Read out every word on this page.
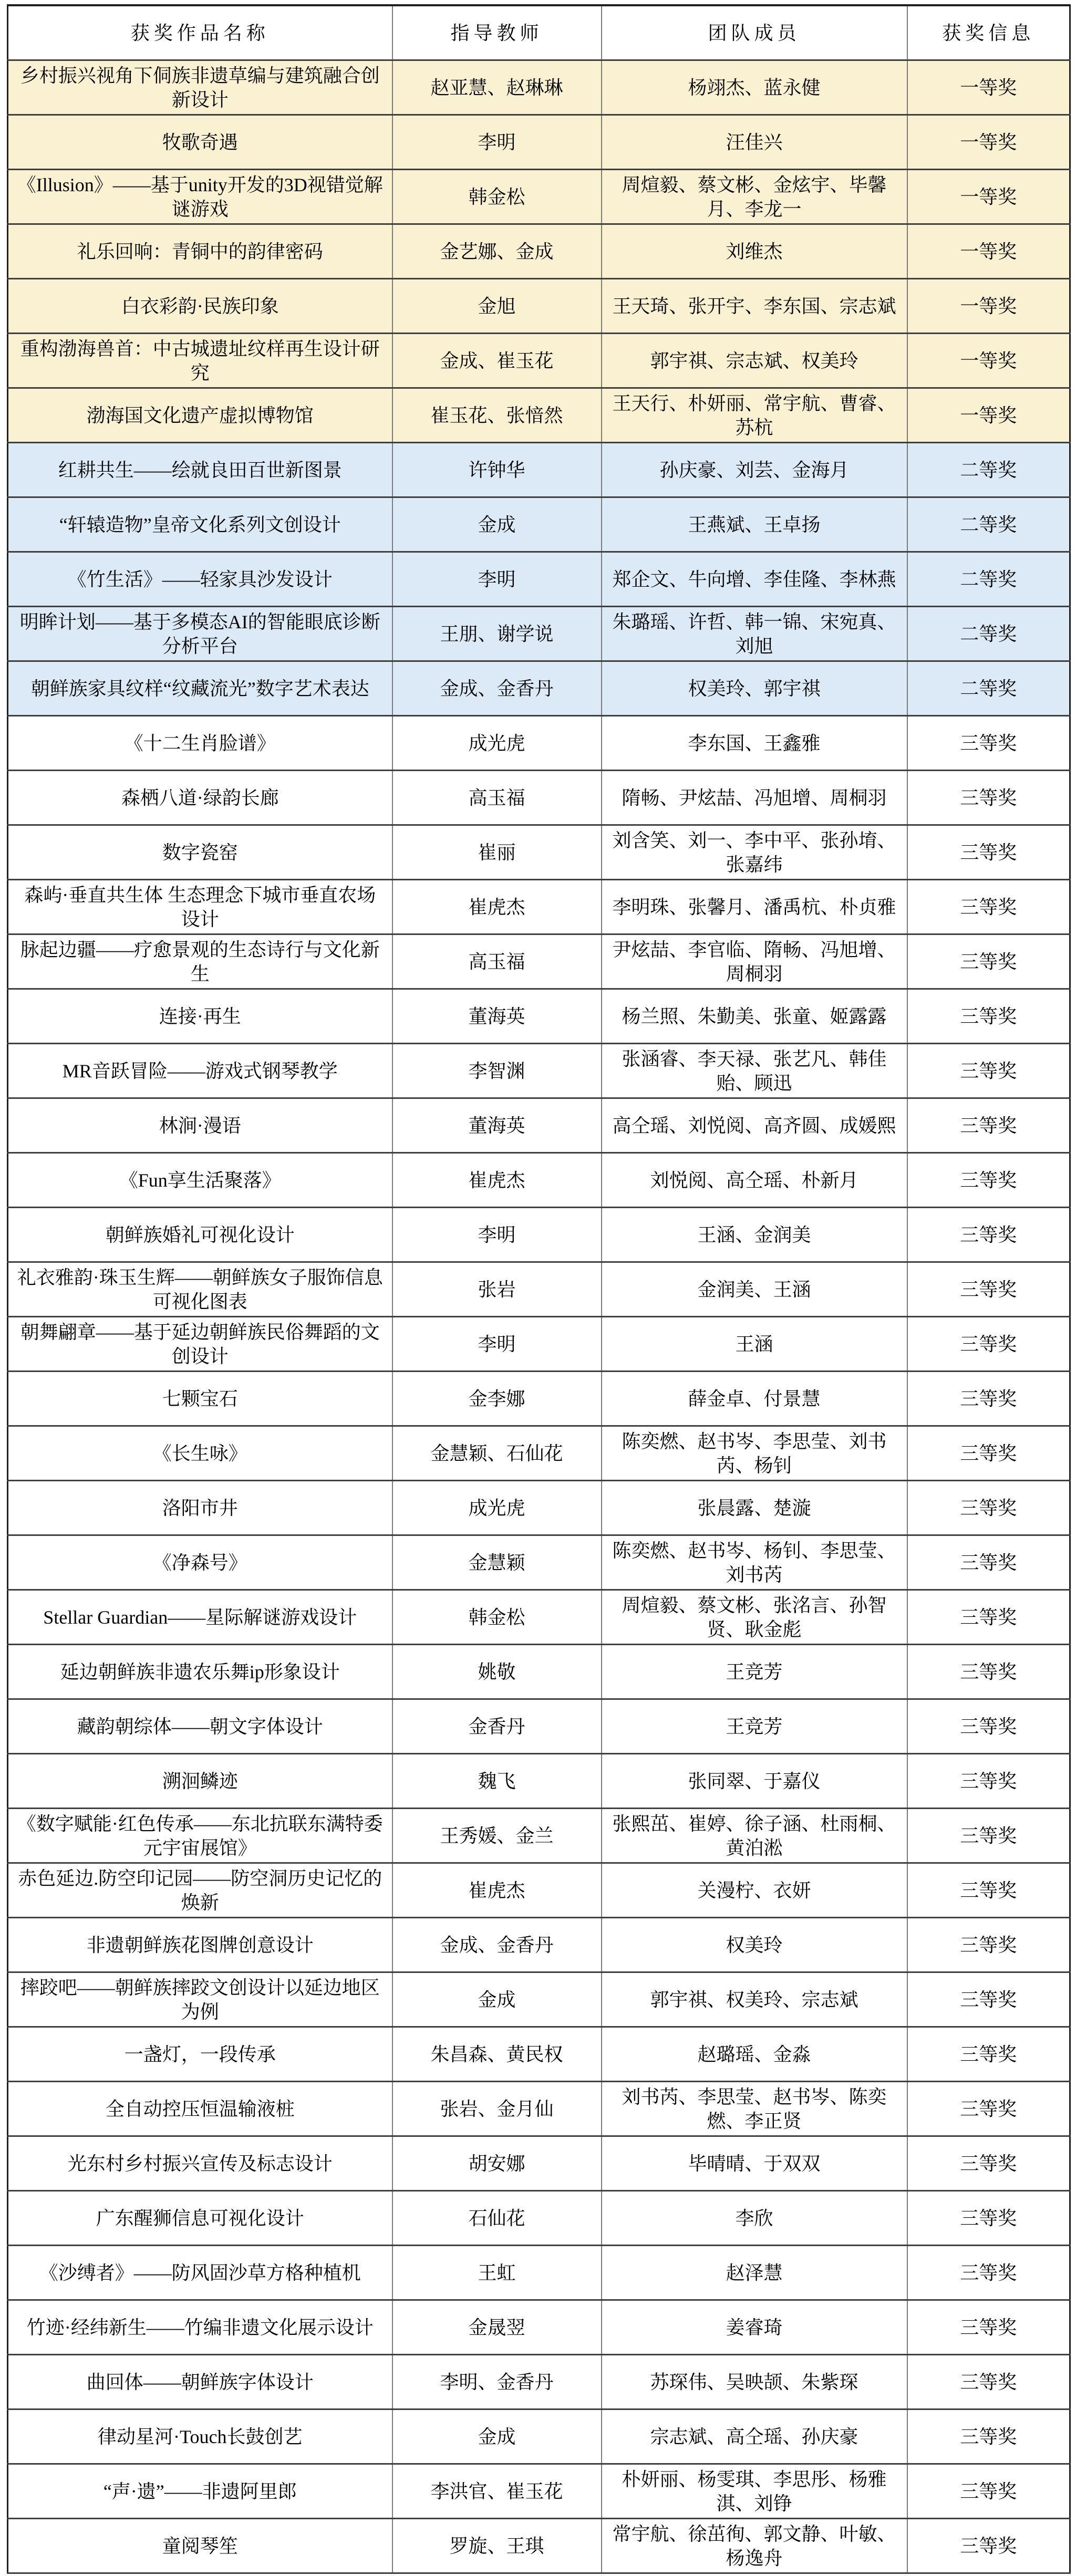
获奖作品名称	指导教师	团队成员	获奖信息
乡村振兴视角下侗族非遗草编与建筑融合创新设计	赵亚慧、赵琳琳	杨翊杰、蓝永健	一等奖
牧歌奇遇	李明	汪佳兴	一等奖
《Illusion》——基于unity开发的3D视错觉解谜游戏	韩金松	周煊毅、蔡文彬、金炫宇、毕馨月、李龙一	一等奖
礼乐回响：青铜中的韵律密码	金艺娜、金成	刘维杰	一等奖
白衣彩韵·民族印象	金旭	王天琦、张开宇、李东国、宗志斌	一等奖
重构渤海兽首：中古城遗址纹样再生设计研究	金成、崔玉花	郭宇祺、宗志斌、权美玲	一等奖
渤海国文化遗产虚拟博物馆	崔玉花、张愔然	王天行、朴妍丽、常宇航、曹睿、苏杭	一等奖
红耕共生——绘就良田百世新图景	许钟华	孙庆豪、刘芸、金海月	二等奖
“轩辕造物”皇帝文化系列文创设计	金成	王燕斌、王卓扬	二等奖
《竹生活》——轻家具沙发设计	李明	郑企文、牛向增、李佳隆、李林燕	二等奖
明眸计划——基于多模态AI的智能眼底诊断分析平台	王朋、谢学说	朱璐瑶、许哲、韩一锦、宋宛真、刘旭	二等奖
朝鲜族家具纹样“纹藏流光”数字艺术表达	金成、金香丹	权美玲、郭宇祺	二等奖
《十二生肖脸谱》	成光虎	李东国、王鑫雅	三等奖
森栖八道·绿韵长廊	高玉福	隋畅、尹炫喆、冯旭增、周桐羽	三等奖
数字瓷窑	崔丽	刘含笑、刘一、李中平、张孙堉、张嘉纬	三等奖
森屿·垂直共生体 生态理念下城市垂直农场设计	崔虎杰	李明珠、张馨月、潘禹杭、朴贞雅	三等奖
脉起边疆——疗愈景观的生态诗行与文化新生	高玉福	尹炫喆、李官临、隋畅、冯旭增、周桐羽	三等奖
连接·再生	董海英	杨兰照、朱勤美、张童、姬露露	三等奖
MR音跃冒险——游戏式钢琴教学	李智渊	张涵睿、李天禄、张艺凡、韩佳贻、顾迅	三等奖
林涧·漫语	董海英	高仝瑶、刘悦阅、高齐圆、成媛熙	三等奖
《Fun享生活聚落》	崔虎杰	刘悦阅、高仝瑶、朴新月	三等奖
朝鲜族婚礼可视化设计	李明	王涵、金润美	三等奖
礼衣雅韵·珠玉生辉——朝鲜族女子服饰信息可视化图表	张岩	金润美、王涵	三等奖
朝舞翩章——基于延边朝鲜族民俗舞蹈的文创设计	李明	王涵	三等奖
七颗宝石	金李娜	薛金卓、付景慧	三等奖
《长生咏》	金慧颖、石仙花	陈奕燃、赵书岑、李思莹、刘书芮、杨钊	三等奖
洛阳市井	成光虎	张晨露、楚漩	三等奖
《净森号》	金慧颖	陈奕燃、赵书岑、杨钊、李思莹、刘书芮	三等奖
Stellar Guardian——星际解谜游戏设计	韩金松	周煊毅、蔡文彬、张洺言、孙智贤、耿金彪	三等奖
延边朝鲜族非遗农乐舞ip形象设计	姚敬	王竞芳	三等奖
藏韵朝综体——朝文字体设计	金香丹	王竞芳	三等奖
溯洄鳞迹	魏飞	张同翠、于嘉仪	三等奖
《数字赋能·红色传承——东北抗联东满特委元宇宙展馆》	王秀媛、金兰	张熙茁、崔婷、徐子涵、杜雨桐、黄泊淞	三等奖
赤色延边.防空印记园——防空洞历史记忆的焕新	崔虎杰	关漫柠、衣妍	三等奖
非遗朝鲜族花图牌创意设计	金成、金香丹	权美玲	三等奖
摔跤吧——朝鲜族摔跤文创设计以延边地区为例	金成	郭宇祺、权美玲、宗志斌	三等奖
一盏灯，一段传承	朱昌森、黄民权	赵璐瑶、金淼	三等奖
全自动控压恒温输液桩	张岩、金月仙	刘书芮、李思莹、赵书岑、陈奕燃、李正贤	三等奖
光东村乡村振兴宣传及标志设计	胡安娜	毕晴晴、于双双	三等奖
广东醒狮信息可视化设计	石仙花	李欣	三等奖
《沙缚者》——防风固沙草方格种植机	王虹	赵泽慧	三等奖
竹迹·经纬新生——竹编非遗文化展示设计	金晟翌	姜睿琦	三等奖
曲回体——朝鲜族字体设计	李明、金香丹	苏琛伟、吴映颉、朱紫琛	三等奖
律动星河·Touch长鼓创艺	金成	宗志斌、高仝瑶、孙庆豪	三等奖
“声·遗”——非遗阿里郎	李洪官、崔玉花	朴妍丽、杨雯琪、李思彤、杨雅淇、刘铮	三等奖
童阅琴笙	罗旋、王琪	常宇航、徐茁徇、郭文静、叶敏、杨逸舟	三等奖
